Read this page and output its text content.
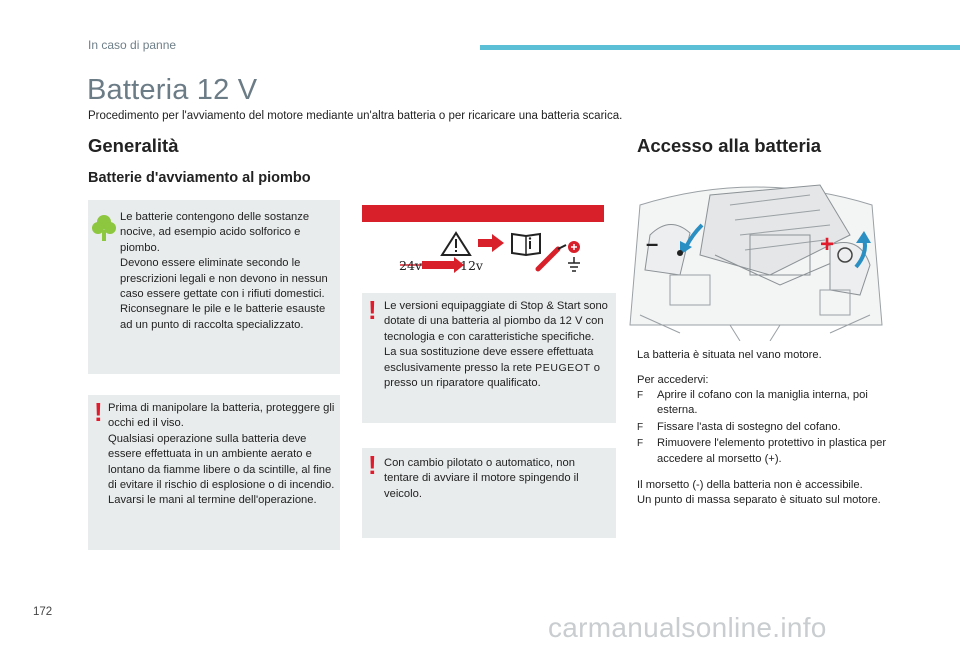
In caso di panne
Batteria 12 V
Procedimento per l'avviamento del motore mediante un'altra batteria o per ricaricare una batteria scarica.
Generalità
Batterie d'avviamento al piombo
Le batterie contengono delle sostanze nocive, ad esempio acido solforico e piombo.
Devono essere eliminate secondo le prescrizioni legali e non devono in nessun caso essere gettate con i rifiuti domestici.
Riconsegnare le pile e le batterie esauste ad un punto di raccolta specializzato.
! Prima di manipolare la batteria, proteggere gli occhi ed il viso.
Qualsiasi operazione sulla batteria deve essere effettuata in un ambiente aerato e lontano da fiamme libere o da scintille, al fine di evitare il rischio di esplosione o di incendio.
Lavarsi le mani al termine dell'operazione.
24v	12v
! Le versioni equipaggiate di Stop & Start sono dotate di una batteria al piombo da 12 V con tecnologia e con caratteristiche specifiche.
La sua sostituzione deve essere effettuata esclusivamente presso la rete PEUGEOT o presso un riparatore qualificato.
! Con cambio pilotato o automatico, non tentare di avviare il motore spingendo il veicolo.
Accesso alla batteria
–	+
La batteria è situata nel vano motore.
Per accedervi:
F	Aprire il cofano con la maniglia interna, poi esterna.
F	Fissare l'asta di sostegno del cofano.
F	Rimuovere l'elemento protettivo in plastica per accedere al morsetto (+).
Il morsetto (-) della batteria non è accessibile.
Un punto di massa separato è situato sul motore.
172	carmanualsonline.info
